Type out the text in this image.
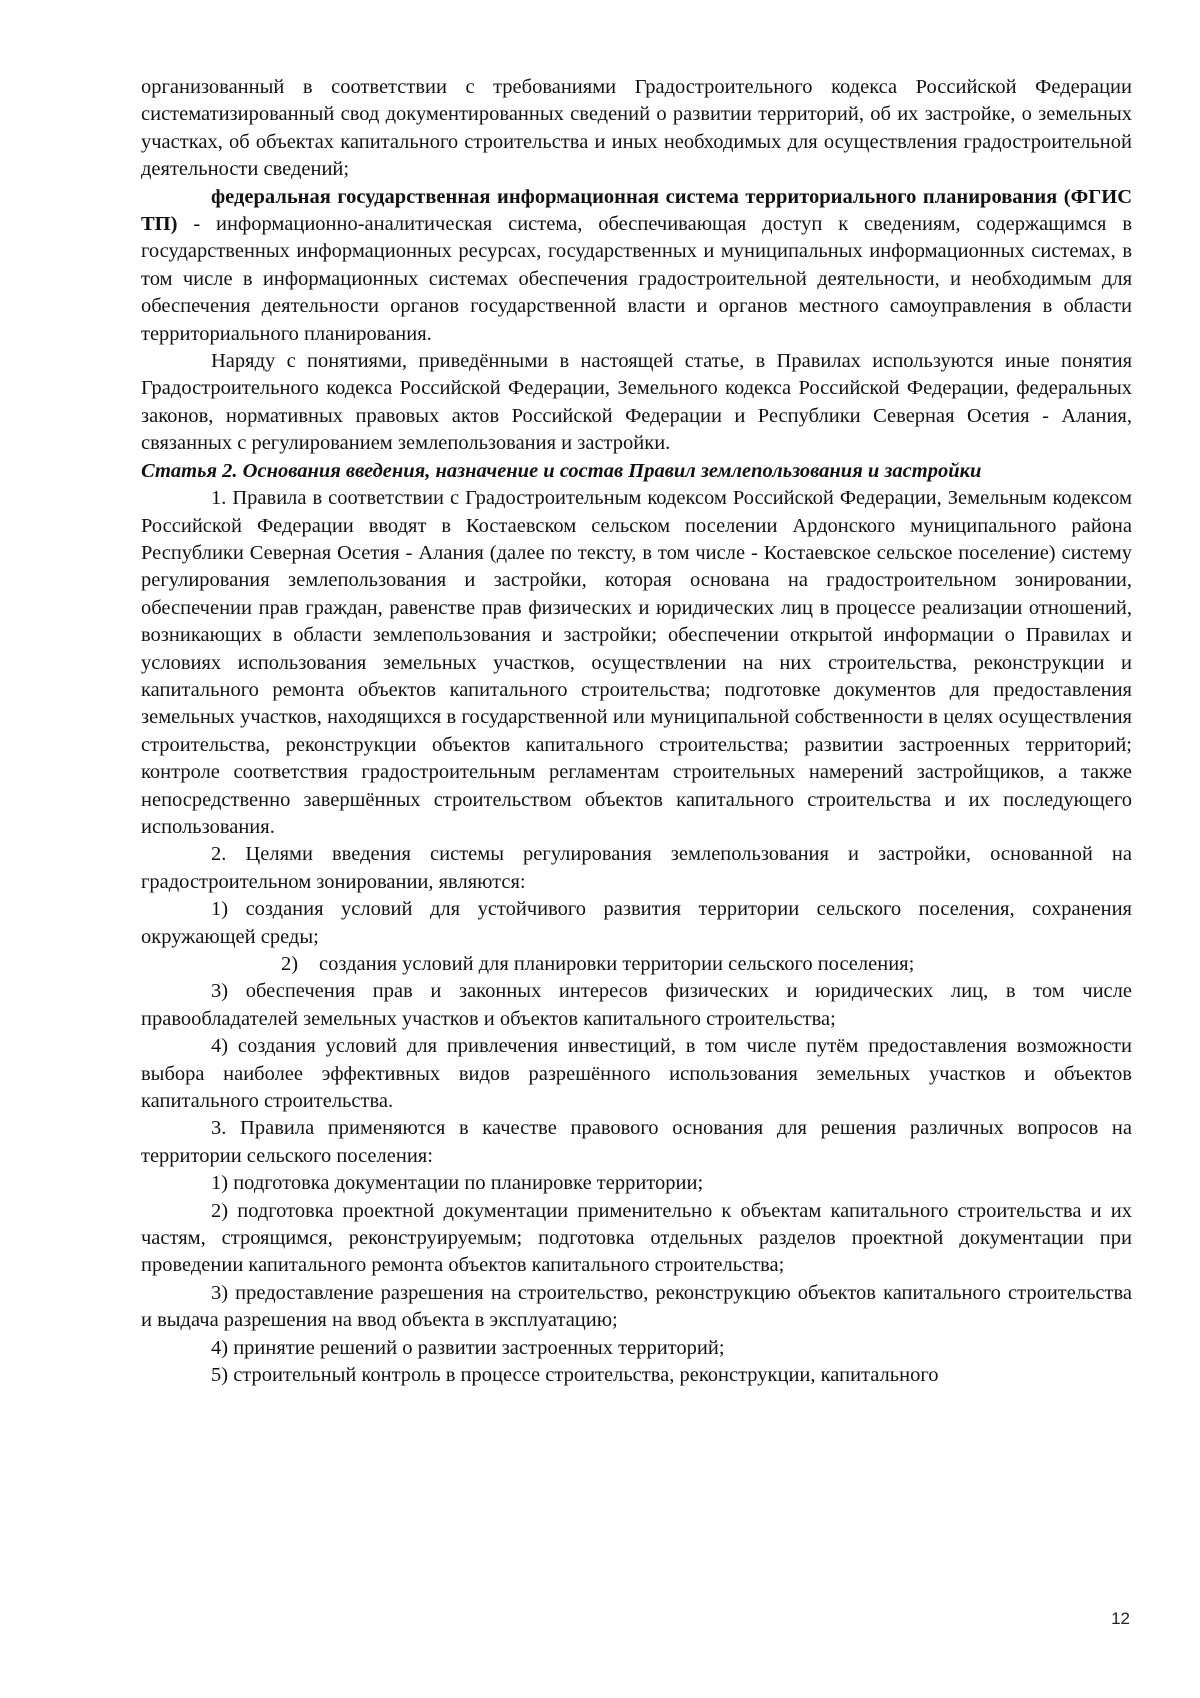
организованный в соответствии с требованиями Градостроительного кодекса Российской Федерации систематизированный свод документированных сведений о развитии территорий, об их застройке, о земельных участках, об объектах капитального строительства и иных необходимых для осуществления градостроительной деятельности сведений;

федеральная государственная информационная система территориального планирования (ФГИС ТП) - информационно-аналитическая система, обеспечивающая доступ к сведениям, содержащимся в государственных информационных ресурсах, государственных и муниципальных информационных системах, в том числе в информационных системах обеспечения градостроительной деятельности, и необходимым для обеспечения деятельности органов государственной власти и органов местного самоуправления в области территориального планирования.

Наряду с понятиями, приведёнными в настоящей статье, в Правилах используются иные понятия Градостроительного кодекса Российской Федерации, Земельного кодекса Российской Федерации, федеральных законов, нормативных правовых актов Российской Федерации и Республики Северная Осетия - Алания, связанных с регулированием землепользования и застройки.

Статья 2. Основания введения, назначение и состав Правил землепользования и застройки

1. Правила в соответствии с Градостроительным кодексом Российской Федерации, Земельным кодексом Российской Федерации вводят в Костаевском сельском поселении Ардонского муниципального района Республики Северная Осетия - Алания (далее по тексту, в том числе - Костаевское сельское поселение) систему регулирования землепользования и застройки, которая основана на градостроительном зонировании, обеспечении прав граждан, равенстве прав физических и юридических лиц в процессе реализации отношений, возникающих в области землепользования и застройки; обеспечении открытой информации о Правилах и условиях использования земельных участков, осуществлении на них строительства, реконструкции и капитального ремонта объектов капитального строительства; подготовке документов для предоставления земельных участков, находящихся в государственной или муниципальной собственности в целях осуществления строительства, реконструкции объектов капитального строительства; развитии застроенных территорий; контроле соответствия градостроительным регламентам строительных намерений застройщиков, а также непосредственно завершённых строительством объектов капитального строительства и их последующего использования.

2. Целями введения системы регулирования землепользования и застройки, основанной на градостроительном зонировании, являются:

1) создания условий для устойчивого развития территории сельского поселения, сохранения окружающей среды;

2) создания условий для планировки территории сельского поселения;

3) обеспечения прав и законных интересов физических и юридических лиц, в том числе правообладателей земельных участков и объектов капитального строительства;

4) создания условий для привлечения инвестиций, в том числе путём предоставления возможности выбора наиболее эффективных видов разрешённого использования земельных участков и объектов капитального строительства.

3. Правила применяются в качестве правового основания для решения различных вопросов на территории сельского поселения:

1) подготовка документации по планировке территории;

2) подготовка проектной документации применительно к объектам капитального строительства и их частям, строящимся, реконструируемым; подготовка отдельных разделов проектной документации при проведении капитального ремонта объектов капитального строительства;

3) предоставление разрешения на строительство, реконструкцию объектов капитального строительства и выдача разрешения на ввод объекта в эксплуатацию;

4) принятие решений о развитии застроенных территорий;

5) строительный контроль в процессе строительства, реконструкции, капитального

12
